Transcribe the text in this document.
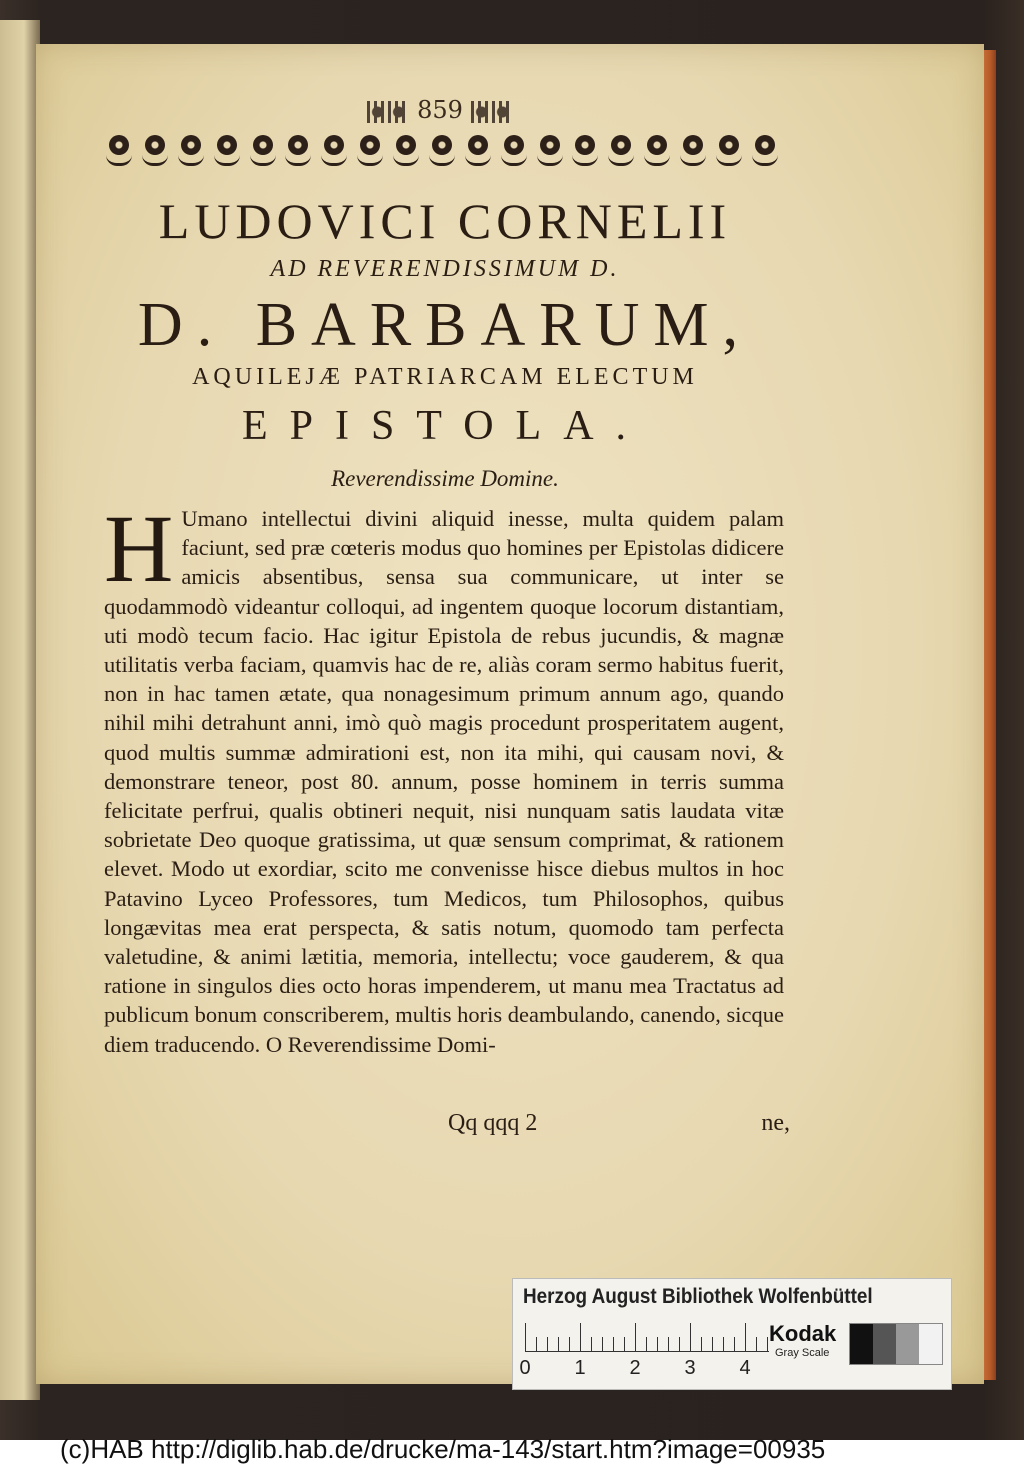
859
LUDOVICI CORNELII
AD REVERENDISSIMUM D.
D. BARBARUM,
AQUILEJÆ PATRIARCAM ELECTUM
EPISTOLA.
Reverendissime Domine.

H Umano intellectui divini aliquid inesse, multa quidem palam faciunt, sed præ cœteris modus quo homines per Epistolas didicere amicis absentibus, sensa sua communicare, ut inter se quodammodò videantur colloqui, ad ingentem quoque locorum distantiam, uti modò tecum facio. Hac igitur Epistola de rebus jucundis, & magnæ utilitatis verba faciam, quamvis hac de re, aliàs coram sermo habitus fuerit, non in hac tamen ætate, qua nonagesimum primum annum ago, quando nihil mihi detrahunt anni, imò quò magis procedunt prosperitatem augent, quod multis summæ admirationi est, non ita mihi, qui causam novi, & demonstrare teneor, post 80. annum, posse hominem in terris summa felicitate perfrui, qualis obtineri nequit, nisi nunquam satis laudata vitæ sobrietate Deo quoque gratissima, ut quæ sensum comprimat, & rationem elevet. Modo ut exordiar, scito me convenisse hisce diebus multos in hoc Patavino Lyceo Professores, tum Medicos, tum Philosophos, quibus longævitas mea erat perspecta, & satis notum, quomodo tam perfecta valetudine, & animi lætitia, memoria, intellectu; voce gauderem, & qua ratione in singulos dies octo horas impenderem, ut manu mea Tractatus ad publicum bonum conscriberem, multis horis deambulando, canendo, sicque diem traducendo. O Reverendissime Domi-

Qq qqq 2	ne,
Herzog August Bibliothek Wolfenbüttel
0 1 2 3 4
Kodak
Gray Scale
(c)HAB http://diglib.hab.de/drucke/ma-143/start.htm?image=00935
